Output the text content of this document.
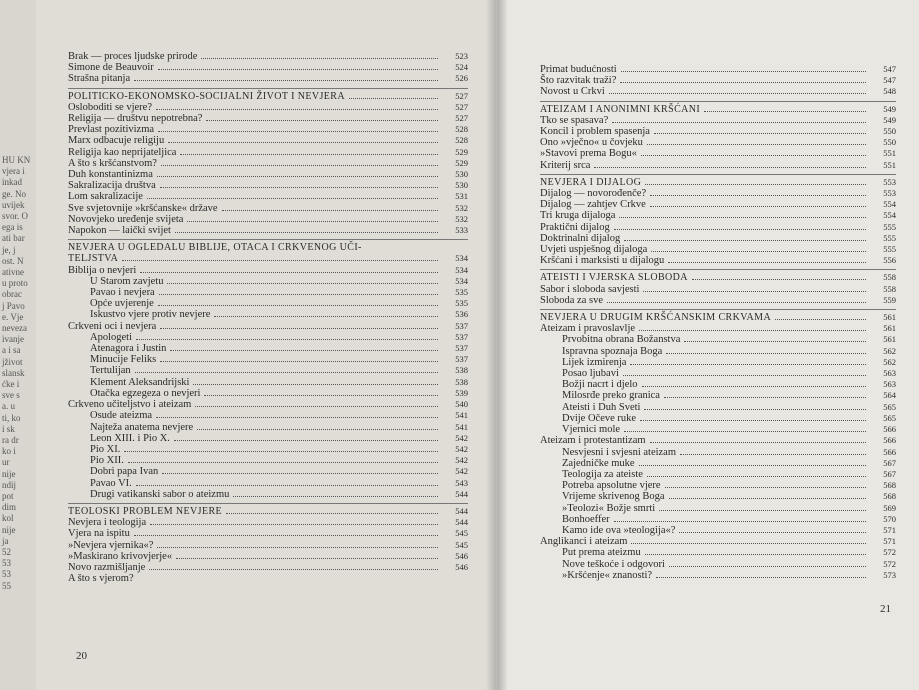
HU KN
vjera i
inkad
ge. No
uvijek
svor. O
ega is
ati bar
je, j
ost. N
ativne
u proto
obrac
j Pavo
e. Vje
neveza
ivanje
a i sa
jživot
slansk
ćke i
sve s
a. u
ti, ko
i sk
ra dr
ko i
ur
nije
ndij
pot
dim
kol
nije
ja
52
53
53
55
Brak — proces ljudske prirode	523
Simone de Beauvoir	524
Strašna pitanja	526
POLITICKO-EKONOMSKO-SOCIJALNI ŽIVOT I NEVJERA	527
Osloboditi se vjere?	527
Religija — društvu nepotrebna?	527
Prevlast pozitivizma	528
Marx odbacuje religiju	528
Religija kao neprijateljica	529
A što s kršćanstvom?	529
Duh konstantinizma	530
Sakralizacija društva	530
Lom sakralizacije	531
Sve svjetovnije »kršćanske« države	532
Novovjeko uređenje svijeta	532
Napokon — laički svijet	533
NEVJERA U OGLEDALU BIBLIJE, OTACA I CRKVENOG UČI-
TELJSTVA	534
Biblija o nevjeri	534
U Starom zavjetu	534
Pavao i nevjera	535
Opće uvjerenje	535
Iskustvo vjere protiv nevjere	536
Crkveni oci i nevjera	537
Apologeti	537
Atenagora i Justin	537
Minucije Feliks	537
Tertulijan	538
Klement Aleksandrijski	538
Otačka egzegeza o nevjeri	539
Crkveno učiteljstvo i ateizam	540
Osude ateizma	541
Najteža anatema nevjere	541
Leon XIII. i Pio X.	542
Pio XI.	542
Pio XII.	542
Dobri papa Ivan	542
Pavao VI.	543
Drugi vatikanski sabor o ateizmu	544
TEOLOSKI PROBLEM NEVJERE	544
Nevjera i teologija	544
Vjera na ispitu	545
»Nevjera vjernika«?	545
»Maskirano krivovjerje«	546
Novo razmišljanje	546
A što s vjerom?
20
Primat budućnosti	547
Što razvitak traži?	547
Novost u Crkvi	548
ATEIZAM I ANONIMNI KRŠĆANI	549
Tko se spasava?	549
Koncil i problem spasenja	550
Ono »vječno« u čovjeku	550
»Stavovi prema Bogu«	551
Kriterij srca	551
NEVJERA I DIJALOG	553
Dijalog — novorođenče?	553
Dijalog — zahtjev Crkve	554
Tri kruga dijaloga	554
Praktični dijalog	555
Doktrinalni dijalog	555
Uvjeti uspješnog dijaloga	555
Kršćani i marksisti u dijalogu	556
ATEISTI I VJERSKA SLOBODA	558
Sabor i sloboda savjesti	558
Sloboda za sve	559
NEVJERA U DRUGIM KRŠĆANSKIM CRKVAMA	561
Ateizam i pravoslavlje	561
Prvobitna obrana Božanstva	561
Ispravna spoznaja Boga	562
Lijek izmirenja	562
Posao ljubavi	563
Božji nacrt i djelo	563
Milosrđe preko granica	564
Ateisti i Duh Sveti	565
Dvije Očeve ruke	565
Vjernici mole	566
Ateizam i protestantizam	566
Nesvjesni i svjesni ateizam	566
Zajedničke muke	567
Teologija za ateiste	567
Potreba apsolutne vjere	568
Vrijeme skrivenog Boga	568
»Teolozi« Božje smrti	569
Bonhoeffer	570
Kamo ide ova »teologija«?	571
Anglikanci i ateizam	571
Put prema ateizmu	572
Nove teškoće i odgovori	572
»Kršćenje« znanosti?	573
21
